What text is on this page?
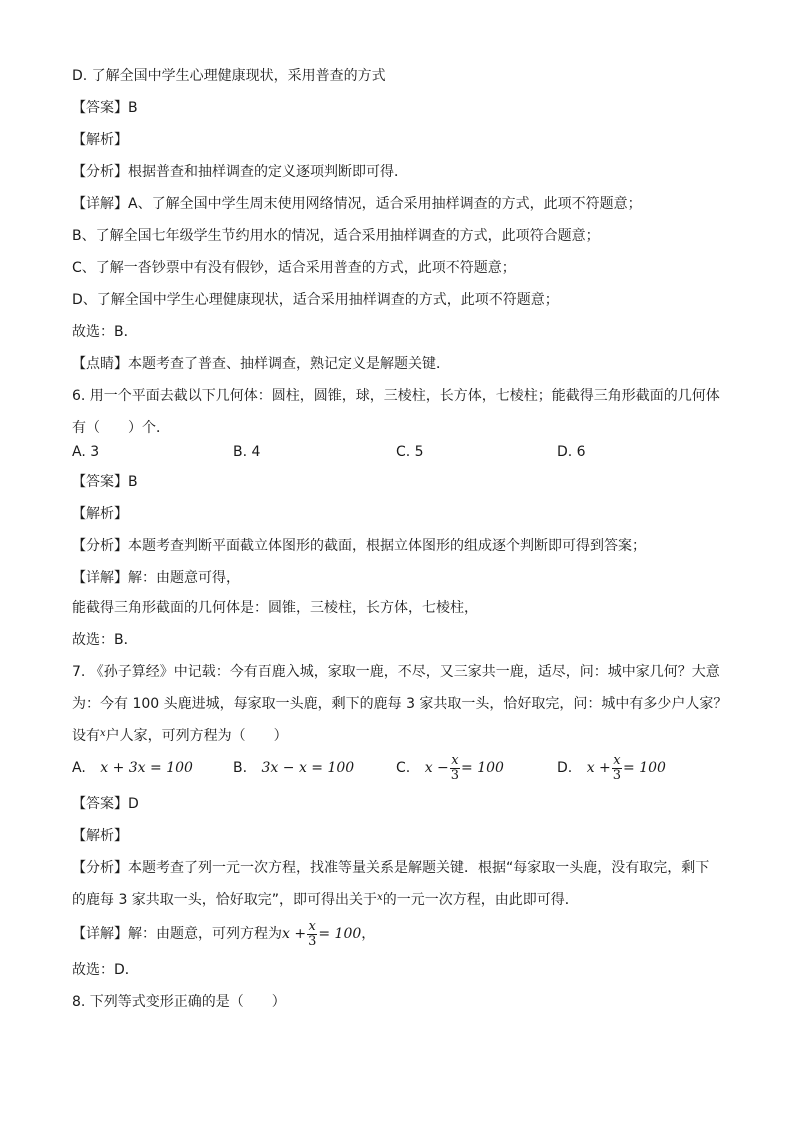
D. 了解全国中学生心理健康现状，采用普查的方式
【答案】B
【解析】
【分析】根据普查和抽样调查的定义逐项判断即可得．
【详解】A、了解全国中学生周末使用网络情况，适合采用抽样调查的方式，此项不符题意；
B、了解全国七年级学生节约用水的情况，适合采用抽样调查的方式，此项符合题意；
C、了解一沓钞票中有没有假钞，适合采用普查的方式，此项不符题意；
D、了解全国中学生心理健康现状，适合采用抽样调查的方式，此项不符题意；
故选：B．
【点睛】本题考查了普查、抽样调查，熟记定义是解题关键．
6. 用一个平面去截以下几何体：圆柱，圆锥，球，三棱柱，长方体，七棱柱；能截得三角形截面的几何体
有（　　）个．
A. 3	B. 4	C. 5	D. 6
【答案】B
【解析】
【分析】本题考查判断平面截立体图形的截面，根据立体图形的组成逐个判断即可得到答案；
【详解】解：由题意可得，
能截得三角形截面的几何体是：圆锥，三棱柱，长方体，七棱柱，
故选：B．
7. 《孙子算经》中记载：今有百鹿入城，家取一鹿，不尽，又三家共一鹿，适尽，问：城中家几何？大意
为：今有 100 头鹿进城，每家取一头鹿，剩下的鹿每 3 家共取一头，恰好取完，问：城中有多少户人家？
设有$^x$户人家，可列方程为（　　）
A. x + 3x = 100	B. 3x − x = 100	C. $x - \frac{x}{3} = 100$	D. $x + \frac{x}{3} = 100$
【答案】D
【解析】
【分析】本题考查了列一元一次方程，找准等量关系是解题关键．根据“每家取一头鹿，没有取完，剩下
的鹿每 3 家共取一头，恰好取完”，即可得出关于$^x$的一元一次方程，由此即可得．
【详解】解：由题意，可列方程为$x + \frac{x}{3} = 100$，
故选：D．
8. 下列等式变形正确的是（　　）
